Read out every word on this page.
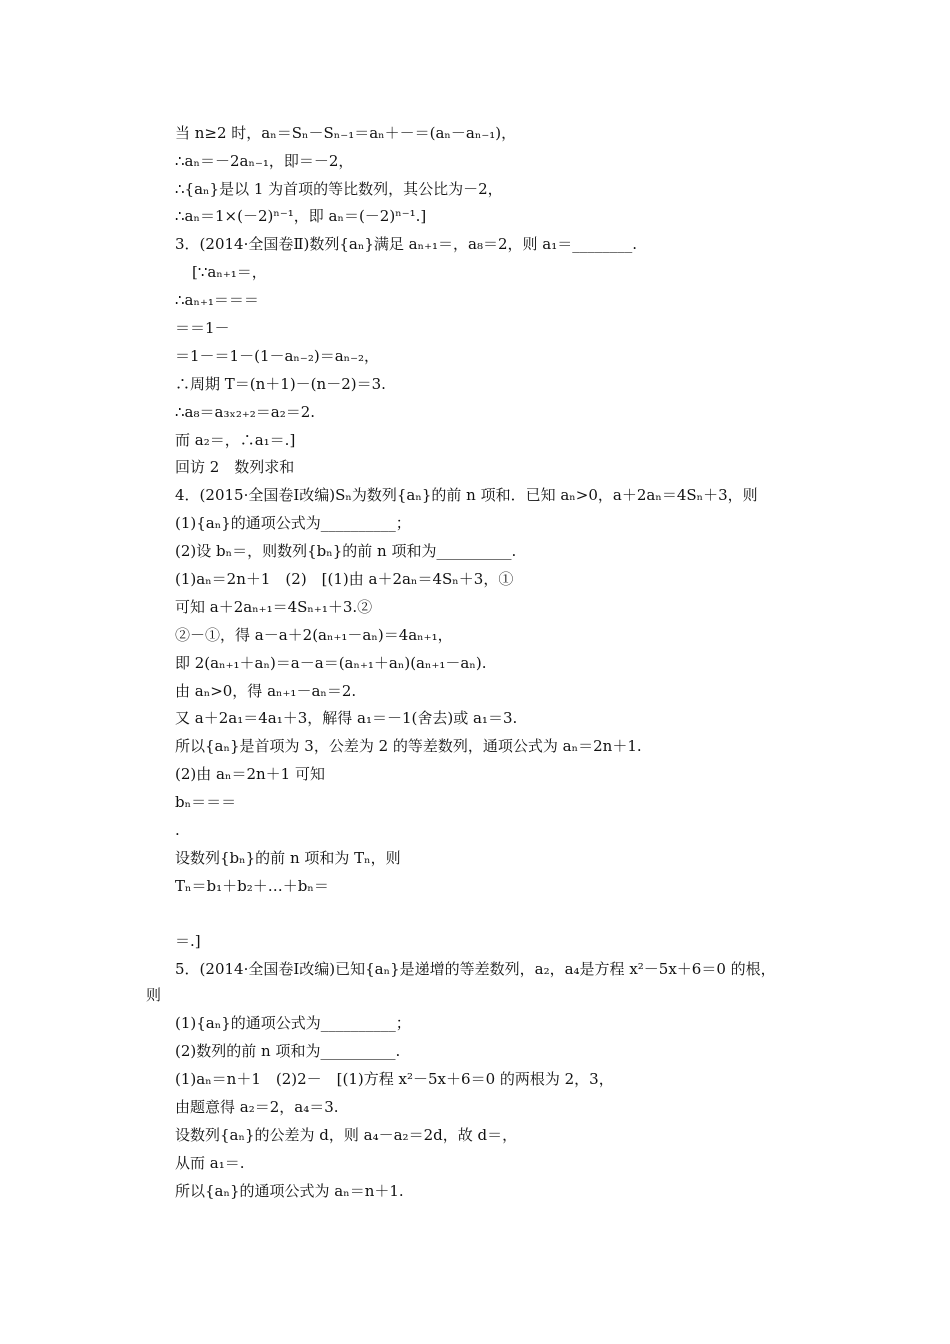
当 n≥2 时，aₙ＝Sₙ－Sₙ₋₁＝aₙ＋－＝(aₙ－aₙ₋₁)，
∴aₙ＝－2aₙ₋₁，即＝－2，
∴{aₙ}是以 1 为首项的等比数列，其公比为－2，
∴aₙ＝1×(－2)ⁿ⁻¹，即 aₙ＝(－2)ⁿ⁻¹.]
3．(2014·全国卷Ⅱ)数列{aₙ}满足 aₙ₊₁＝，a₈＝2，则 a₁＝________.
[∵aₙ₊₁＝，
∴aₙ₊₁＝＝＝
＝＝1－
＝1－＝1－(1－aₙ₋₂)＝aₙ₋₂，
∴周期 T＝(n＋1)－(n－2)＝3.
∴a₈＝a₃ₓ₂₊₂＝a₂＝2.
而 a₂＝，∴a₁＝.]
回访 2　数列求和
4．(2015·全国卷Ⅰ改编)Sₙ为数列{aₙ}的前 n 项和．已知 aₙ>0，a＋2aₙ＝4Sₙ＋3，则
(1){aₙ}的通项公式为__________；
(2)设 bₙ＝，则数列{bₙ}的前 n 项和为__________.
(1)aₙ＝2n＋1　(2)　[(1)由 a＋2aₙ＝4Sₙ＋3，①
可知 a＋2aₙ₊₁＝4Sₙ₊₁＋3.②
②－①，得 a－a＋2(aₙ₊₁－aₙ)＝4aₙ₊₁，
即 2(aₙ₊₁＋aₙ)＝a－a＝(aₙ₊₁＋aₙ)(aₙ₊₁－aₙ).
由 aₙ>0，得 aₙ₊₁－aₙ＝2.
又 a＋2a₁＝4a₁＋3，解得 a₁＝－1(舍去)或 a₁＝3.
所以{aₙ}是首项为 3，公差为 2 的等差数列，通项公式为 aₙ＝2n＋1.
(2)由 aₙ＝2n＋1 可知
bₙ＝＝＝
.
设数列{bₙ}的前 n 项和为 Tₙ，则
Tₙ＝b₁＋b₂＋…＋bₙ＝
＝.]
5．(2014·全国卷Ⅰ改编)已知{aₙ}是递增的等差数列，a₂，a₄是方程 x²－5x＋6＝0 的根，
则
(1){aₙ}的通项公式为__________；
(2)数列的前 n 项和为__________.
(1)aₙ＝n＋1　(2)2－　[(1)方程 x²－5x＋6＝0 的两根为 2，3，
由题意得 a₂＝2，a₄＝3.
设数列{aₙ}的公差为 d，则 a₄－a₂＝2d，故 d＝，
从而 a₁＝.
所以{aₙ}的通项公式为 aₙ＝n＋1.
